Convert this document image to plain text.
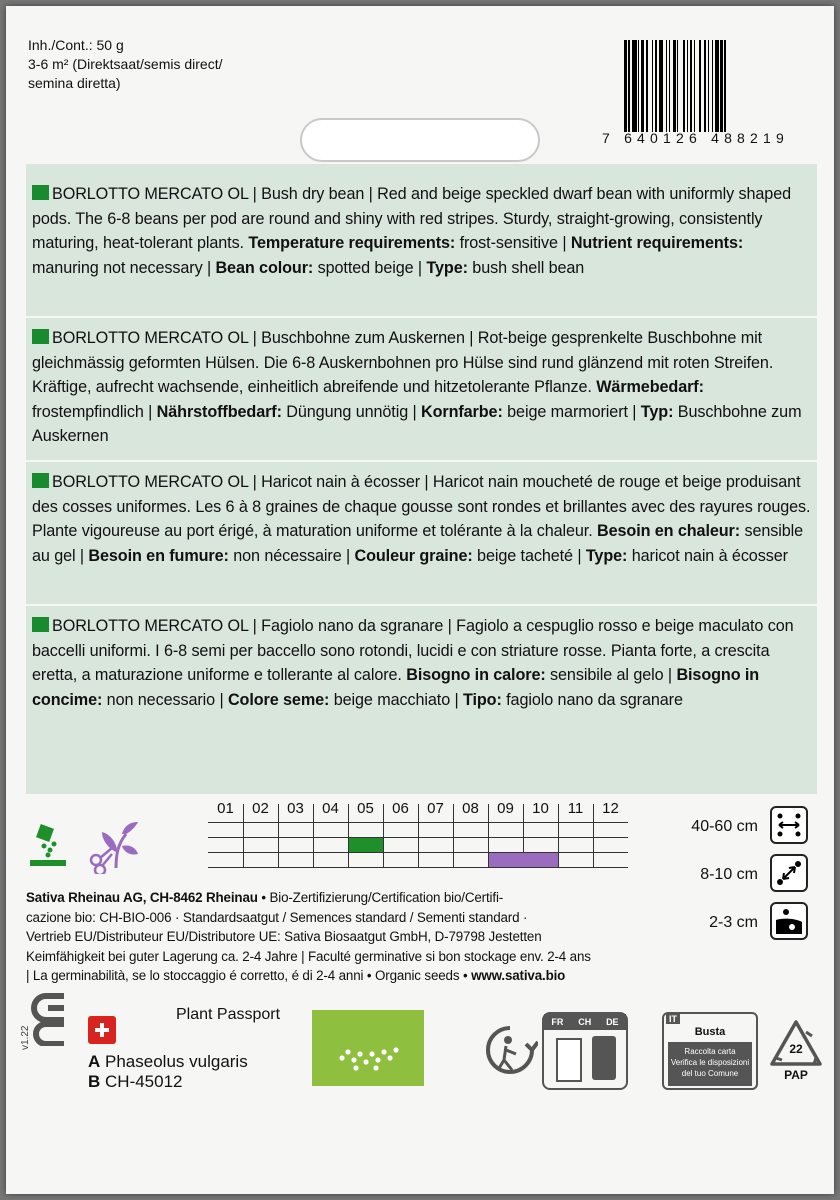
Inh./Cont.: 50 g
3-6 m² (Direktsaat/semis direct/
semina diretta)
7 640126 488219
BORLOTTO MERCATO OL | Bush dry bean | Red and beige speckled dwarf bean with uniformly shaped pods. The 6-8 beans per pod are round and shiny with red stripes. Sturdy, straight-growing, consistently maturing, heat-tolerant plants. Temperature requirements: frost-sensitive | Nutrient requirements: manuring not necessary | Bean colour: spotted beige | Type: bush shell bean
BORLOTTO MERCATO OL | Buschbohne zum Auskernen | Rot-beige gesprenkelte Buschbohne mit gleichmässig geformten Hülsen. Die 6-8 Auskernbohnen pro Hülse sind rund glänzend mit roten Streifen. Kräftige, aufrecht wachsende, einheitlich abreifende und hitzetolerante Pflanze. Wärmebedarf: frostempfindlich | Nährstoffbedarf: Düngung unnötig | Kornfarbe: beige marmoriert | Typ: Buschbohne zum Auskernen
BORLOTTO MERCATO OL | Haricot nain à écosser | Haricot nain moucheté de rouge et beige produisant des cosses uniformes. Les 6 à 8 graines de chaque gousse sont rondes et brillantes avec des rayures rouges. Plante vigoureuse au port érigé, à maturation uniforme et tolérante à la chaleur. Besoin en chaleur: sensible au gel | Besoin en fumure: non nécessaire | Couleur graine: beige tacheté | Type: haricot nain à écosser
BORLOTTO MERCATO OL | Fagiolo nano da sgranare | Fagiolo a cespuglio rosso e beige maculato con baccelli uniformi. I 6-8 semi per baccello sono rotondi, lucidi e con striature rosse. Pianta forte, a crescita eretta, a maturazione uniforme e tollerante al calore. Bisogno in calore: sensibile al gelo | Bisogno in concime: non necessario | Colore seme: beige macchiato | Tipo: fagiolo nano da sgranare
01	02	03	04	05	06	07	08	09	10	11	12
40-60 cm
8-10 cm
2-3 cm
Sativa Rheinau AG, CH-8462 Rheinau • Bio-Zertifizierung/Certification bio/Certifi-
cazione bio: CH-BIO-006 · Standardsaatgut / Semences standard / Sementi standard ·
Vertrieb EU/Distributeur EU/Distributore UE: Sativa Biosaatgut GmbH, D-79798 Jestetten
Keimfähigkeit bei guter Lagerung ca. 2-4 Jahre | Faculté germinative si bon stockage env. 2-4 ans
| La germinabilità, se lo stoccaggio é corretto, é di 2-4 anni • Organic seeds • www.sativa.bio
v1.22
Plant Passport
A Phaseolus vulgaris
B CH-45012
FR CH DE	IT
Busta
Raccolta carta
Verifica le disposizioni
del tuo Comune
22
PAP
